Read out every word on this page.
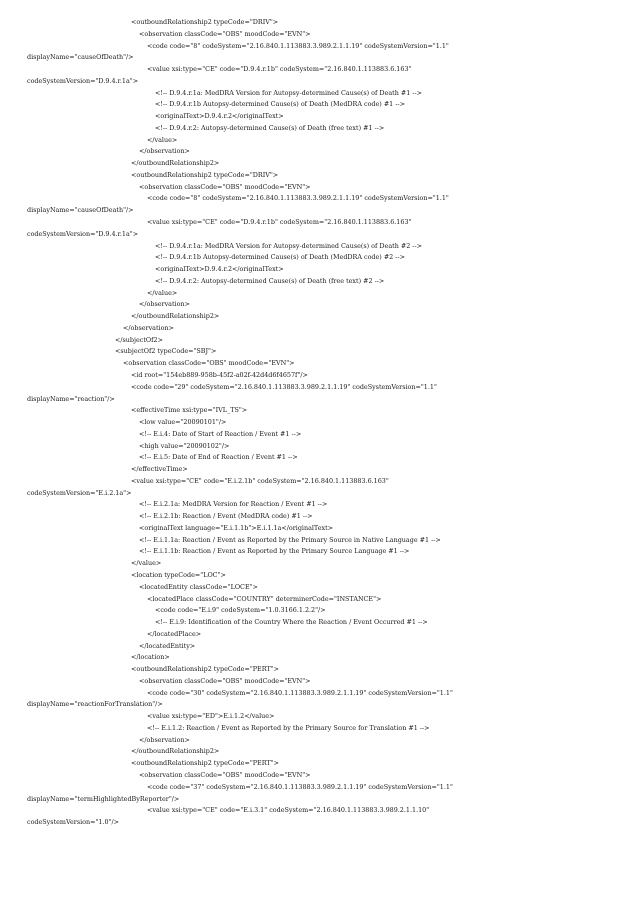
<outboundRelationship2 typeCode="DRIV">
<observation classCode="OBS" moodCode="EVN">
<code code="8" codeSystem="2.16.840.1.113883.3.989.2.1.1.19" codeSystemVersion="1.1"
displayName="causeOfDeath"/>
<value xsi:type="CE" code="D.9.4.r.1b" codeSystem="2.16.840.1.113883.6.163"
codeSystemVersion="D.9.4.r.1a">
<!-- D.9.4.r.1a: MedDRA Version for Autopsy-determined Cause(s) of Death #1 -->
<!-- D.9.4.r.1b Autopsy-determined Cause(s) of Death (MedDRA code) #1 -->
<originalText>D.9.4.r.2</originalText>
<!-- D.9.4.r.2: Autopsy-determined Cause(s) of Death (free text) #1 -->
</value>
</observation>
</outboundRelationship2>
<outboundRelationship2 typeCode="DRIV">
<observation classCode="OBS" moodCode="EVN">
<code code="8" codeSystem="2.16.840.1.113883.3.989.2.1.1.19" codeSystemVersion="1.1"
displayName="causeOfDeath"/>
<value xsi:type="CE" code="D.9.4.r.1b" codeSystem="2.16.840.1.113883.6.163"
codeSystemVersion="D.9.4.r.1a">
<!-- D.9.4.r.1a: MedDRA Version for Autopsy-determined Cause(s) of Death #2 -->
<!-- D.9.4.r.1b Autopsy-determined Cause(s) of Death (MedDRA code) #2 -->
<originalText>D.9.4.r.2</originalText>
<!-- D.9.4.r.2: Autopsy-determined Cause(s) of Death (free text) #2 -->
</value>
</observation>
</outboundRelationship2>
</observation>
</subjectOf2>
<subjectOf2 typeCode="SBJ">
<observation classCode="OBS" moodCode="EVN">
<id root="154eb889-958b-45f2-a02f-42d4d6f4657f"/>
<code code="29" codeSystem="2.16.840.1.113883.3.989.2.1.1.19" codeSystemVersion="1.1"
displayName="reaction"/>
<effectiveTime xsi:type="IVL_TS">
<low value="20090101"/>
<!-- E.i.4: Date of Start of Reaction / Event #1 -->
<high value="20090102"/>
<!-- E.i.5: Date of End of Reaction / Event #1 -->
</effectiveTime>
<value xsi:type="CE" code="E.i.2.1b" codeSystem="2.16.840.1.113883.6.163"
codeSystemVersion="E.i.2.1a">
<!-- E.i.2.1a: MedDRA Version for Reaction / Event #1 -->
<!-- E.i.2.1b: Reaction / Event (MedDRA code) #1 -->
<originalText language="E.i.1.1b">E.i.1.1a</originalText>
<!-- E.i.1.1a: Reaction / Event as Reported by the Primary Source in Native Language #1 -->
<!-- E.i.1.1b: Reaction / Event as Reported by the Primary Source Language #1 -->
</value>
<location typeCode="LOC">
<locatedEntity classCode="LOCE">
<locatedPlace classCode="COUNTRY" determinerCode="INSTANCE">
<code code="E.i.9" codeSystem="1.0.3166.1.2.2"/>
<!-- E.i.9: Identification of the Country Where the Reaction / Event Occurred #1 -->
</locatedPlace>
</locatedEntity>
</location>
<outboundRelationship2 typeCode="PERT">
<observation classCode="OBS" moodCode="EVN">
<code code="30" codeSystem="2.16.840.1.113883.3.989.2.1.1.19" codeSystemVersion="1.1"
displayName="reactionForTranslation"/>
<value xsi:type="ED">E.i.1.2</value>
<!-- E.i.1.2: Reaction / Event as Reported by the Primary Source for Translation #1 -->
</observation>
</outboundRelationship2>
<outboundRelationship2 typeCode="PERT">
<observation classCode="OBS" moodCode="EVN">
<code code="37" codeSystem="2.16.840.1.113883.3.989.2.1.1.19" codeSystemVersion="1.1"
displayName="termHighlightedByReporter"/>
<value xsi:type="CE" code="E.i.3.1" codeSystem="2.16.840.1.113883.3.989.2.1.1.10"
codeSystemVersion="1.0"/>
